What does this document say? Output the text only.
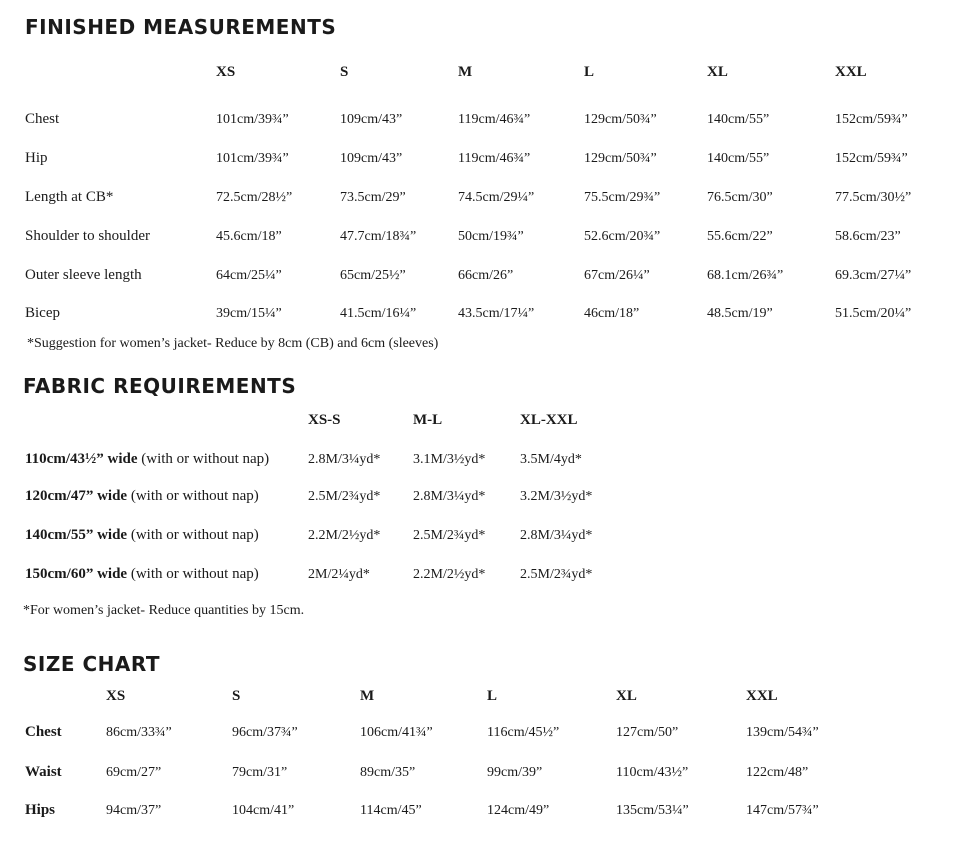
FINISHED MEASUREMENTS
XS	S	M	L	XL	XXL
Chest	101cm/39¾”	109cm/43”	119cm/46¾”	129cm/50¾”	140cm/55”	152cm/59¾”
Hip	101cm/39¾”	109cm/43”	119cm/46¾”	129cm/50¾”	140cm/55”	152cm/59¾”
Length at CB*	72.5cm/28½”	73.5cm/29”	74.5cm/29¼”	75.5cm/29¾”	76.5cm/30”	77.5cm/30½”
Shoulder to shoulder	45.6cm/18”	47.7cm/18¾”	50cm/19¾”	52.6cm/20¾”	55.6cm/22”	58.6cm/23”
Outer sleeve length	64cm/25¼”	65cm/25½”	66cm/26”	67cm/26¼”	68.1cm/26¾”	69.3cm/27¼”
Bicep	39cm/15¼”	41.5cm/16¼”	43.5cm/17¼”	46cm/18”	48.5cm/19”	51.5cm/20¼”
*Suggestion for women’s jacket- Reduce by 8cm (CB) and 6cm (sleeves)
FABRIC REQUIREMENTS
XS-S	M-L	XL-XXL
110cm/43½” wide (with or without nap)	2.8M/3¼yd* 3.1M/3½yd* 3.5M/4yd*
120cm/47” wide (with or without nap)	2.5M/2¾yd* 2.8M/3¼yd* 3.2M/3½yd*
140cm/55” wide (with or without nap)	2.2M/2½yd* 2.5M/2¾yd* 2.8M/3¼yd*
150cm/60” wide (with or without nap)	2M/2¼yd*	2.2M/2½yd* 2.5M/2¾yd*
*For women’s jacket- Reduce quantities by 15cm.
SIZE CHART
XS	S	M	L	XL	XXL
Chest	86cm/33¾”	96cm/37¾”	106cm/41¾”	116cm/45½”	127cm/50”	139cm/54¾”
Waist	69cm/27”	79cm/31”	89cm/35”	99cm/39”	110cm/43½”	122cm/48”
Hips	94cm/37”	104cm/41”	114cm/45”	124cm/49”	135cm/53¼”	147cm/57¾”
